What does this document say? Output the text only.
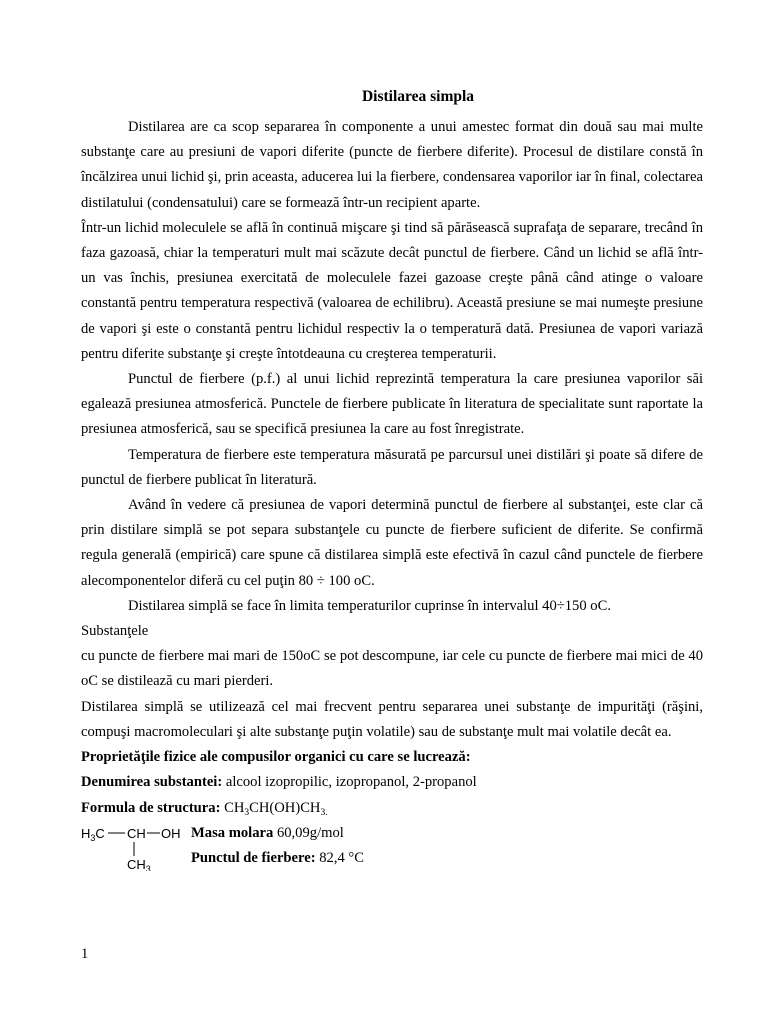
Distilarea simpla

Distilarea are ca scop separarea în componente a unui amestec format din două sau mai multe substanţe care au presiuni de vapori diferite (puncte de fierbere diferite). Procesul de distilare constă în încălzirea unui lichid şi, prin aceasta, aducerea lui la fierbere, condensarea vaporilor iar în final, colectarea distilatului (condensatului) care se formează într-un recipient aparte.

Într-un lichid moleculele se află în continuă mişcare şi tind să părăsească suprafaţa de separare, trecând în faza gazoasă, chiar la temperaturi mult mai scăzute decât punctul de fierbere. Când un lichid se află într-un vas închis, presiunea exercitată de moleculele fazei gazoase creşte până când atinge o valoare constantă pentru temperatura respectivă (valoarea de echilibru). Această presiune se mai numeşte presiune de vapori şi este o constantă pentru lichidul respectiv la o temperatură dată. Presiunea de vapori variază pentru diferite substanţe şi creşte întotdeauna cu creşterea temperaturii.

Punctul de fierbere (p.f.) al unui lichid reprezintă temperatura la care presiunea vaporilor săi egalează presiunea atmosferică. Punctele de fierbere publicate în literatura de specialitate sunt raportate la presiunea atmosferică, sau se specifică presiunea la care au fost înregistrate.

Temperatura de fierbere este temperatura măsurată pe parcursul unei distilări şi poate să difere de punctul de fierbere publicat în literatură.

Având în vedere că presiunea de vapori determină punctul de fierbere al substanţei, este clar că prin distilare simplă se pot separa substanţele cu puncte de fierbere suficient de diferite. Se confirmă regula generală (empirică) care spune că distilarea simplă este efectivă în cazul când punctele de fierbere alecomponentelor diferă cu cel puţin 80 ÷ 100 oC.

Distilarea simplă se face în limita temperaturilor cuprinse în intervalul 40÷150 oC.

Substanţele

cu puncte de fierbere mai mari de 150oC se pot descompune, iar cele cu puncte de fierbere mai mici de 40 oC se distilează cu mari pierderi.

Distilarea simplă se utilizează cel mai frecvent pentru separarea unei substanţe de impurităţi (răşini, compuşi macromoleculari şi alte substanţe puţin volatile) sau de substanţe mult mai volatile decât ea.

Proprietăţile fizice ale compusilor organici cu care se lucrează:
Denumirea substantei: alcool izopropilic, izopropanol, 2-propanol
Formula de structura: $CH_3CH(OH)CH_{3.}$
$H_3C$ CH OH
$CH_3$
Masa molara 60,09g/mol
Punctul de fierbere: 82,4 °C
1
